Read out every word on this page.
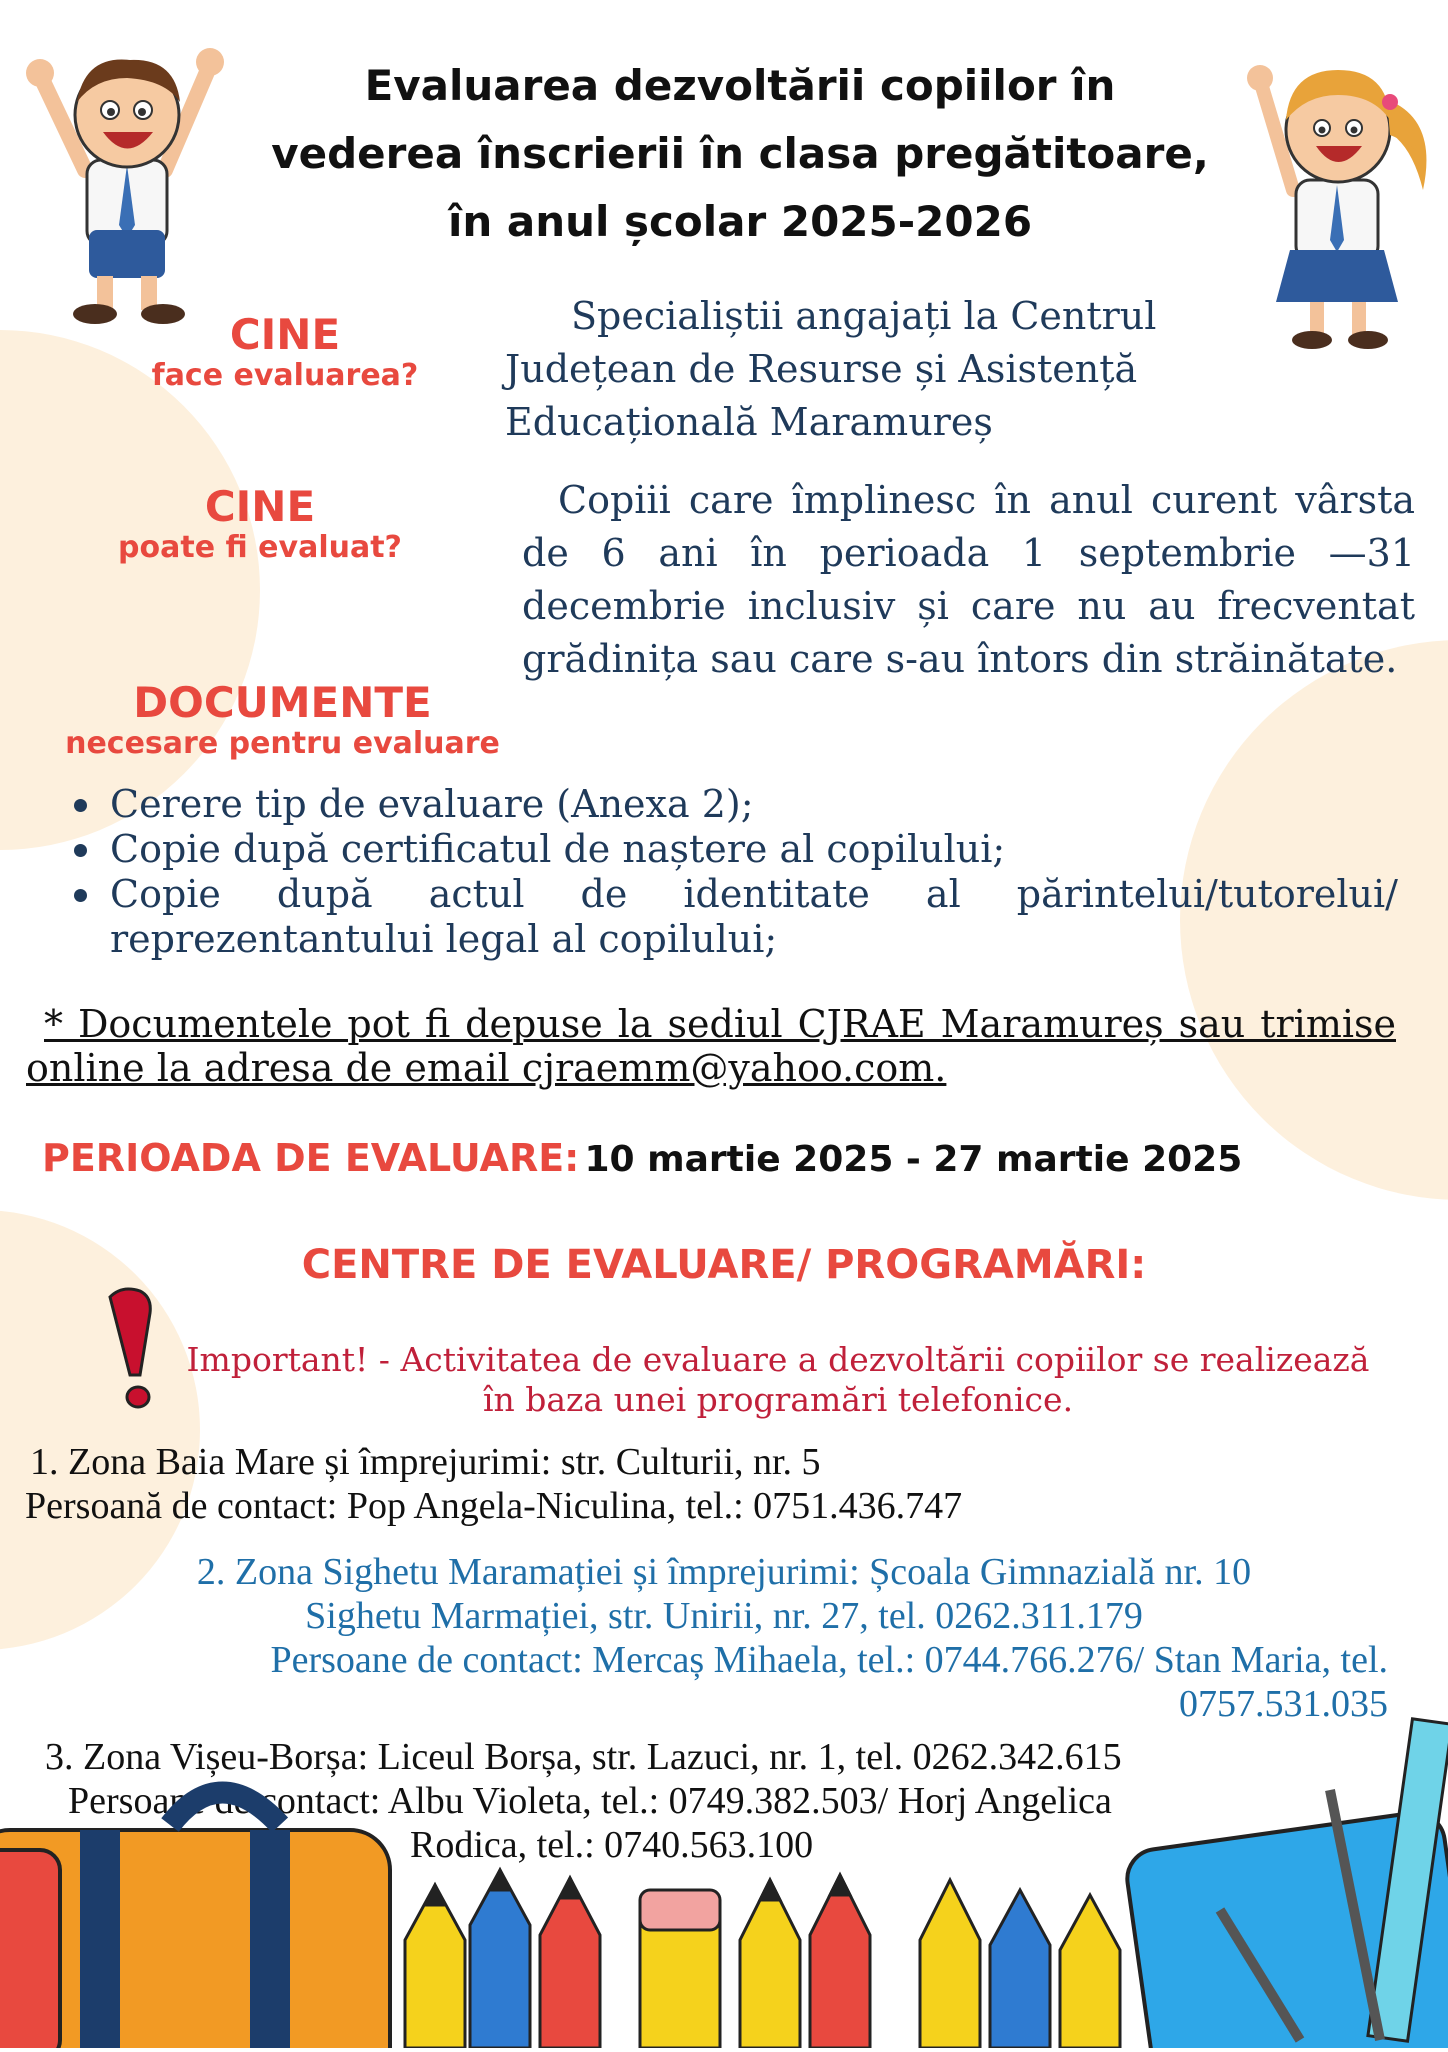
Evaluarea dezvoltării copiilor în
vederea înscrierii în clasa pregătitoare,
în anul școlar 2025-2026
CINE
face evaluarea?
Specialiștii angajați la Centrul Județean de Resurse și Asistență Educațională Maramureș
CINE
poate fi evaluat?
Copiii care împlinesc în anul curent vârsta de 6 ani în perioada 1 septembrie —31 decembrie inclusiv și care nu au frecventat grădinița sau care s-au întors din străinătate.
DOCUMENTE
necesare pentru evaluare
Cerere tip de evaluare (Anexa 2);
Copie după certificatul de naștere al copilului;
Copie după actul de identitate al părintelui/tutorelui/ reprezentantului legal al copilului;
* Documentele pot fi depuse la sediul CJRAE Maramureș sau trimise online la adresa de email cjraemm@yahoo.com.
PERIOADA DE EVALUARE: 10 martie 2025 - 27 martie 2025
CENTRE DE EVALUARE/ PROGRAMĂRI:
Important! - Activitatea de evaluare a dezvoltării copiilor se realizează în baza unei programări telefonice.
1. Zona Baia Mare și împrejurimi: str. Culturii, nr. 5
Persoană de contact: Pop Angela-Niculina, tel.: 0751.436.747
2. Zona Sighetu Maramației și împrejurimi: Școala Gimnazială nr. 10
Sighetu Marmației, str. Unirii, nr. 27, tel. 0262.311.179
Persoane de contact: Mercaș Mihaela, tel.: 0744.766.276/ Stan Maria, tel.
0757.531.035
3. Zona Vișeu-Borșa: Liceul Borșa, str. Lazuci, nr. 1, tel. 0262.342.615
Persoane de contact: Albu Violeta, tel.: 0749.382.503/ Horj Angelica
Rodica, tel.: 0740.563.100
